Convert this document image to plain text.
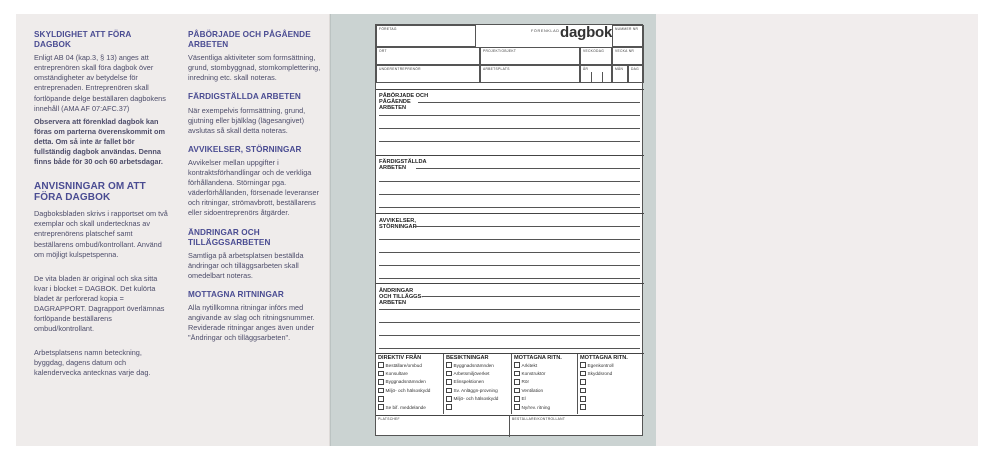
SKYLDIGHET ATT FÖRA DAGBOK
Enligt AB 04 (kap.3, § 13) anges att entreprenören skall föra dagbok över omständigheter av betydelse för entreprenaden. Entreprenören skall fortlöpande delge beställaren dagbokens innehåll (AMA AF 07:AFC.37)
Observera att förenklad dagbok kan föras om parterna överenskommit om detta. Om så inte är fallet bör fullständig dagbok användas. Denna finns både för 30 och 60 arbetsdagar.
ANVISNINGAR OM ATT FÖRA DAGBOK
Dagboksbladen skrivs i rapportset om två exemplar och skall undertecknas av entreprenörens platschef samt beställarens ombud/kontrollant. Använd om möjligt kulspetspenna.
De vita bladen är original och ska sitta kvar i blocket = DAGBOK. Det kulörta bladet är perforerad kopia = DAGRAPPORT. Dagrapport överlämnas fortlöpande beställarens ombud/kontrollant.
Arbetsplatsens namn beteckning, byggdag, dagens datum och kalendervecka antecknas varje dag.
PÅBÖRJADE OCH PÅGÅENDE ARBETEN
Väsentliga aktiviteter som formsättning, grund, stombyggnad, stomkomplettering, inredning etc. skall noteras.
FÄRDIGSTÄLLDA ARBETEN
När exempelvis formsättning, grund, gjutning eller bjälklag (lägesangivet) avslutas så skall detta noteras.
AVVIKELSER, STÖRNINGAR
Avvikelser mellan uppgifter i kontraktsförhandlingar och de verkliga förhållandena. Störningar pga. väderförhållanden, försenade leveranser och ritningar, strömavbrott, beställarens eller sidoentreprenörs åtgärder.
ÄNDRINGAR OCH TILLÄGGSARBETEN
Samtliga på arbetsplatsen beställda ändringar och tilläggsarbeten skall omedelbart noteras.
MOTTAGNA RITNINGAR
Alla nytillkomna ritningar införs med angivande av slag och ritningsnummer. Reviderade ritningar anges även under "Ändringar och tilläggsarbeten".
FÖRETAG	FÖRENKLAD dagbok NUMMER NR
ORT	PROJEKT/OBJEKT	VECKODAG	VECKA NR
UNDERENTREPRENÖR	ARBETSPLATS	ÅR	MÅN DAG
PÅBÖRJADE OCH
PÅGÅENDE
ARBETEN
FÄRDIGSTÄLLDA
ARBETEN
AVVIKELSER,
STÖRNINGAR
ÄNDRINGAR
OCH TILLÄGGS-
ARBETEN
DIREKTIV FRÅN
Beställare/ombud
Konsultare
Byggnadsnämnden
Miljö- och hälsoskydd
Se bif. meddelande
BESIKTNINGAR
Byggnadsnämnden
Arbetsmiljöverket
Elinspektionen
Sv. Anläggn-provning
Miljö- och hälsoskydd
MOTTAGNA RITN.
Arkitekt
Konstruktör
Rör
Ventilation
El
Ny/rev. ritning
MOTTAGNA RITN.
Egenkontroll
Skyddsrond
PLATSCHEF	BESTÄLLARE/KONTROLLANT
